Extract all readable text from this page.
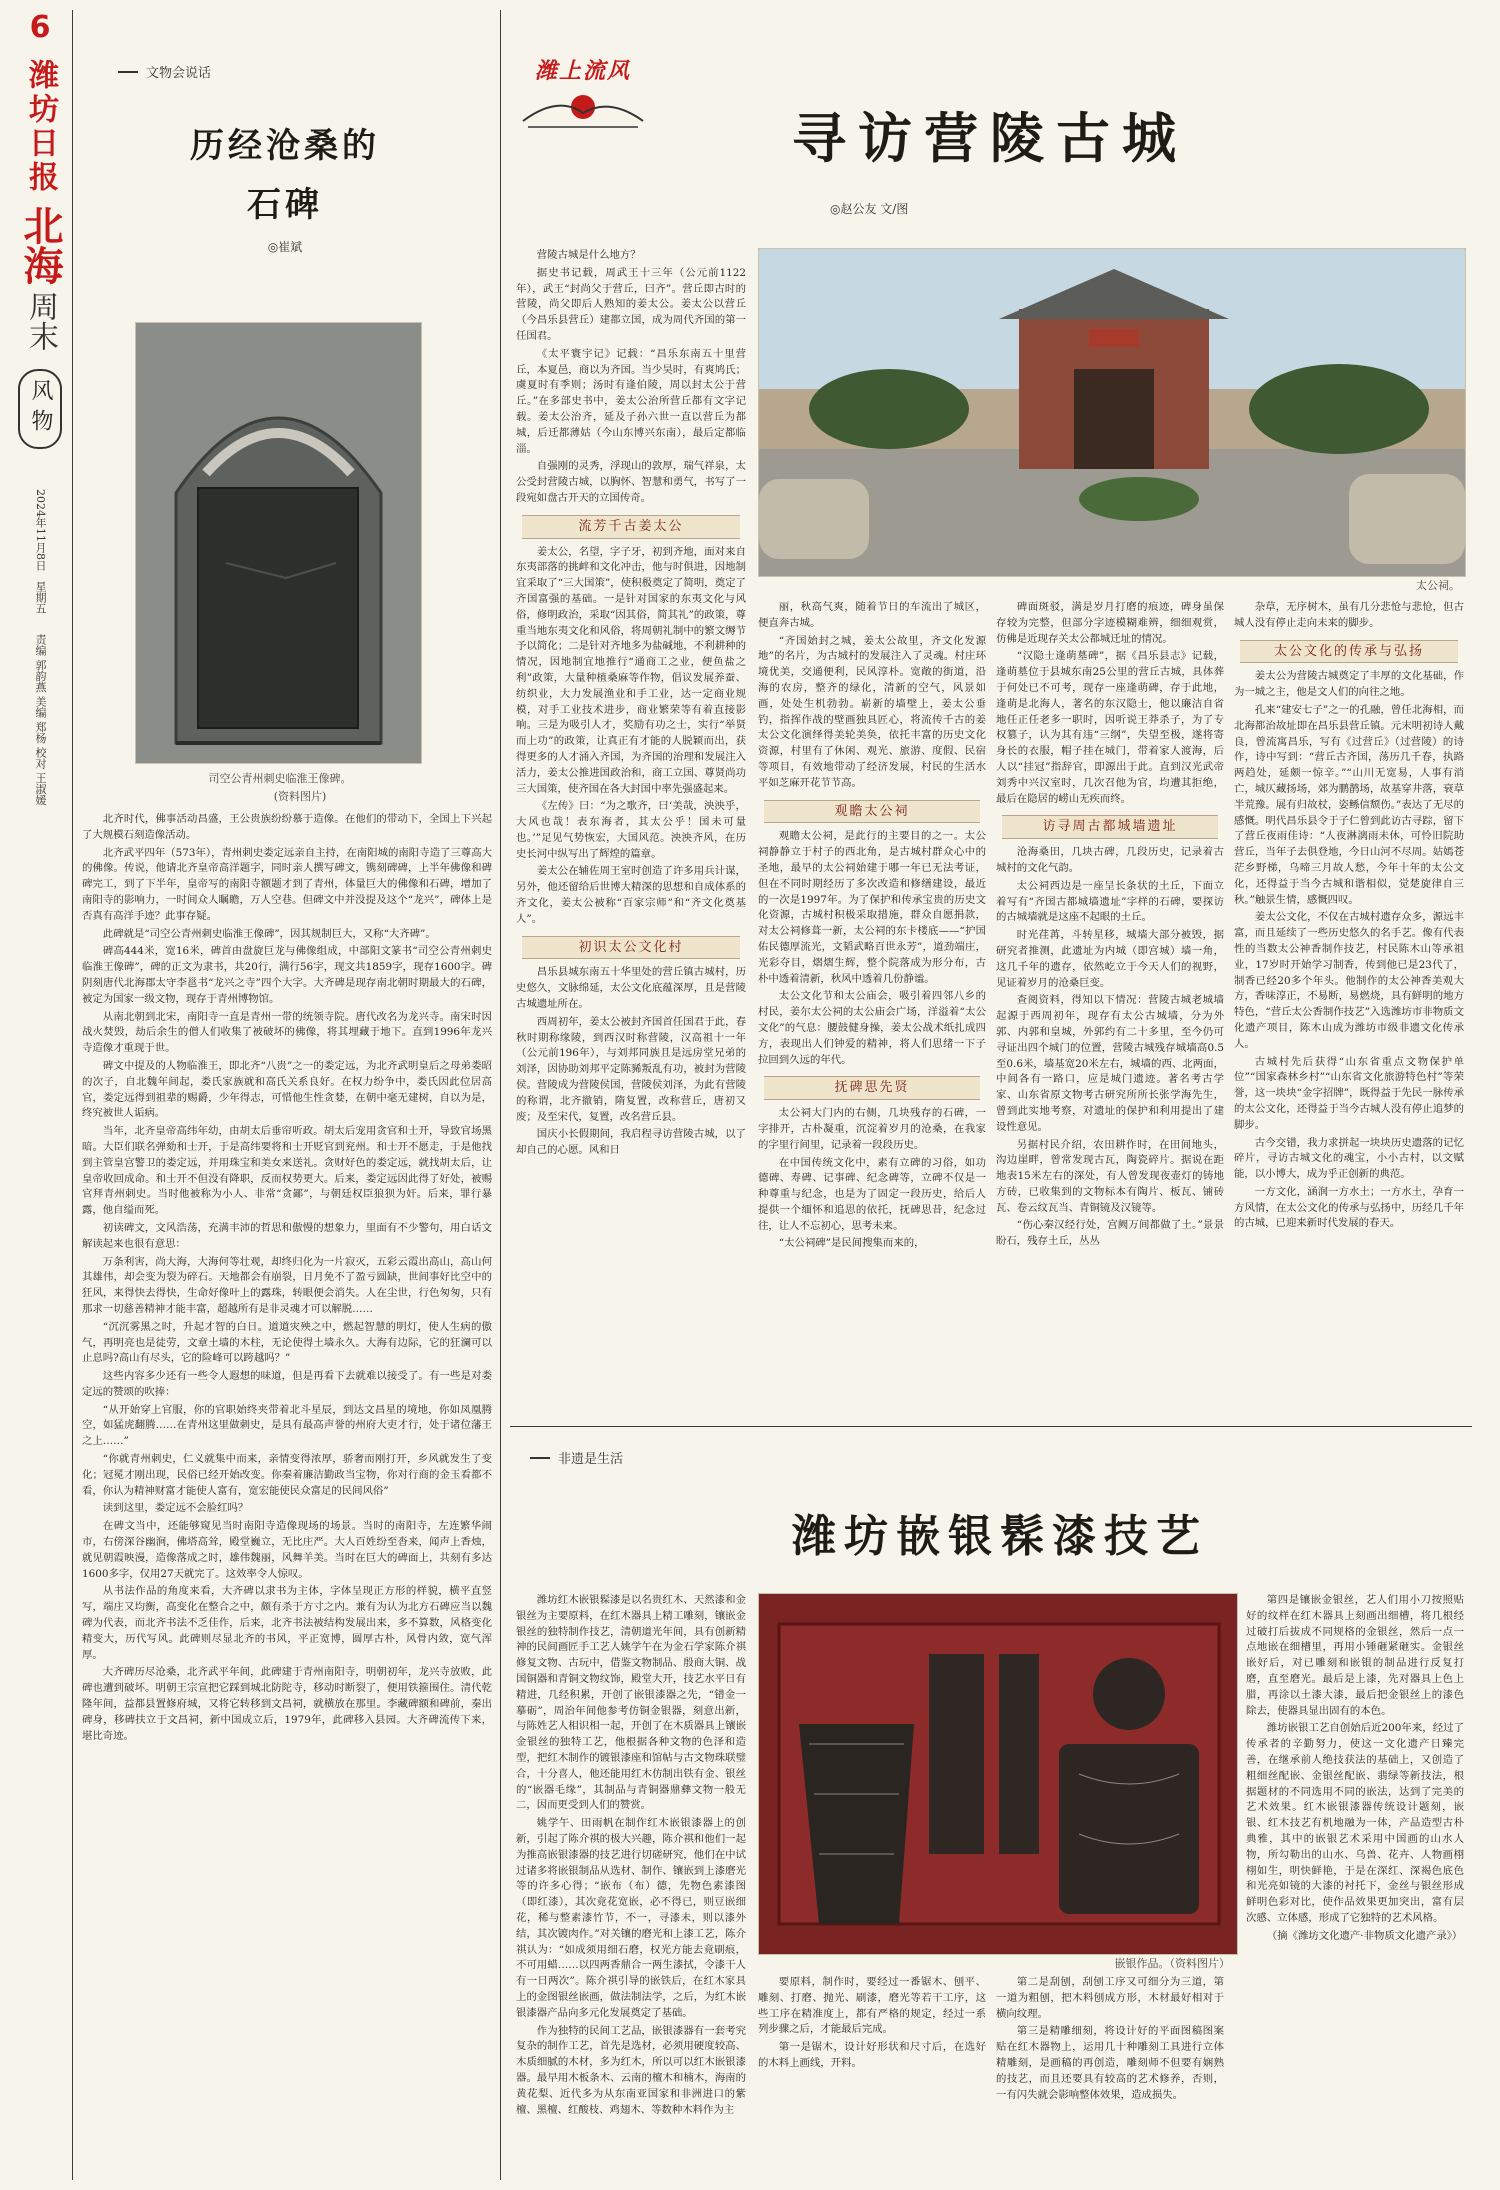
6
潍坊日报
北海
周末
风物
2024年11月8日
星期五
责编 郭韵燕 美编 郑杨 校对 王淑媛
文物会说话
历经沧桑的
石碑
◎崔斌
司空公青州刺史临淮王像碑。
(资料图片)

北齐时代，佛事活动昌盛，王公贵族纷纷慕于造像。在他们的带动下，全国上下兴起了大规模石刻造像活动。

北齐武平四年（573年），青州刺史娄定远亲自主持，在南阳城的南阳寺造了三尊高大的佛像。传说，他请北齐皇帝高洋题字，同时亲人撰写碑文，镌刻碑碑，上半年佛像和碑碑完工，到了下半年，皇帝写的南阳寺额题才到了青州，体量巨大的佛像和石碑，增加了南阳寺的影响力，一时间众人瞩瞻，万人空巷。但碑文中并没提及这个“龙兴”，碑体上是否真有高洋手迹？此事存疑。

此碑就是“司空公青州刺史临淮王像碑”，因其规制巨大，又称“大齐碑”。

碑高444米，宽16米，碑首由盘旋巨龙与佛像组成，中部阳文篆书“司空公青州刺史临淮王像碑”，碑的正文为隶书，共20行，满行56字，现文共1859字，现存1600字。碑阴刻唐代北海郡太守李邕书“龙兴之寺”四个大字。大齐碑是现存南北朝时期最大的石碑，被定为国家一级文物，现存于青州博物馆。

从南北朝到北宋，南阳寺一直是青州一带的统领寺院。唐代改名为龙兴寺。南宋时因战火焚毁，劫后余生的僧人们收集了被破坏的佛像，将其埋藏于地下。直到1996年龙兴寺造像才重现于世。

碑文中提及的人物临淮王，即北齐“八贵”之一的娄定远，为北齐武明皇后之母弟娄昭的次子，自北魏年间起，娄氏家族就和高氏关系良好。在权力纷争中，娄氏因此位居高官，娄定远得到祖辈的赐爵，少年得志，可惜他生性贪婪，在朝中毫无建树，自以为是，终究被世人诟病。

当年，北齐皇帝高纬年幼，由胡太后垂帘听政。胡太后宠用贪官和士开，导致官场黑暗。大臣们联名弹劾和士开，于是高纬要将和士开贬官到兖州。和士开不愿走，于是他找到主管皇宫警卫的娄定远，并用珠宝和美女来送礼。贪财好色的娄定远，就找胡太后，让皇帝收回成命。和士开不但没有降职，反而权势更大。后来，娄定远因此得了好处，被赐官拜青州刺史。当时他被称为小人、非常“贪鄙”，与朝廷权臣狼狈为奸。后来，罪行暴露，他自缢而死。

初读碑文，文风浩荡，充满丰沛的哲思和傲慢的想象力，里面有不少警句，用白话文解读起来也很有意思：

万条利害，尚大海，大海何等壮观，却终归化为一片寂灭，五彩云霞出高山，高山何其雄伟，却会变为裂为碎石。天地都会有崩裂，日月免不了盈亏圆缺，世间事好比空中的狂风，来得快去得快，生命好像叶上的露珠，转眼便会消失。人在尘世，行色匆匆，只有那求一切慈善精神才能丰富，超越所有是非灵魂才可以解脱……

“沉沉雾黑之时，升起才智的白日。道道灾殃之中，燃起智慧的明灯，使人生病的傲气，再明亮也是徒劳，文章土墙的木柱，无论使得土墙永久。大海有边际，它的狂澜可以止息吗?高山有尽头，它的险峰可以跨越吗？”

这些内容多少还有一些令人遐想的味道，但是再看下去就难以接受了。有一些是对娄定远的赞颂的吹捧：

“从开始穿上官服，你的官职始终夹带着北斗星辰，到达文昌星的境地，你如凤凰腾空，如猛虎翻腾……在青州这里做刺史，是具有最高声誉的州府大吏才行，处于诸位藩王之上……”

“你就青州刺史，仁义就集中而来，亲情变得浓厚，骄奢而刚打开，乡风就发生了变化；冠冕才刚出现，民俗已经开始改变。你秦着廉洁勤政当宝物，你对行商的金玉看都不看，你认为精神财富才能使人富有，宽宏能使民众富足的民间风俗”

读到这里，娄定远不会脸红吗？

在碑文当中，还能够窥见当时南阳寺造像现场的场景。当时的南阳寺，左连繁华闹市，右傍深谷幽涧，佛塔高耸，殿堂巍立，无比庄严。大人百姓纷至沓来，闻声上香烛，就见朝霞映漫，造像落成之时，雄伟魏丽，风舞羊美。当时在巨大的碑面上，共刻有多达1600多字，仅用27天就完了。这效率令人惊叹。

从书法作品的角度来看，大齐碑以隶书为主体，字体呈现正方形的样貌，横平直竖写，端庄又均衡，高变化在整合之中，颇有杀于方寸之内。兼有为认为北方石碑应当以魏碑为代表，而北齐书法不乏佳作，后来，北齐书法被结构发展出来，多不算数，风格变化精变大，历代写风。此碑则尽显北齐的书风，平正宽博，圆厚古朴，风骨内敛，宽气浑厚。

大齐碑历尽沧桑，北齐武平年间，此碑建于青州南阳寺，明朝初年，龙兴寺放败，此碑也遭到破坏。明朝王宗宣把它踩到城北防陀寺，移动时断裂了，便用铁箍围住。清代乾隆年间，益都县置修府城，又将它转移到文昌祠，就横放在那里。李藏碑额和碑前，秦出碑身，移碑扶立于文昌祠，新中国成立后，1979年，此碑移入县园。大齐碑流传下来，堪比奇迹。

潍上流风
寻访营陵古城
◎赵公友 文/图
太公祠。

营陵古城是什么地方？

据史书记载，周武王十三年（公元前1122年），武王“封尚父于营丘，曰齐”。营丘即古时的营陵，尚父即后人熟知的姜太公。姜太公以营丘（今昌乐县营丘）建都立国，成为周代齐国的第一任国君。

《太平寰宇记》记载：“昌乐东南五十里营丘，本夏邑，商以为齐国。当少昊时，有爽鸠氏；虞夏时有季则；汤时有逢伯陵，周以封太公于营丘。”在多部史书中，姜太公治所营丘都有文字记载。姜太公治齐，延及子孙六世一直以营丘为都城，后迁都薄姑（今山东博兴东南），最后定都临淄。

自强刚的灵秀，浮现山的敦厚，瑞气祥泉，太公受封营陵古城，以胸怀、智慧和勇气，书写了一段宛如盘古开天的立国传奇。

流芳千古姜太公

姜太公，名望，字子牙，初到齐地，面对来自东夷部落的挑衅和文化冲击，他与时俱进，因地制宜采取了“三大国策”，使积极奠定了简明，奠定了齐国富强的基础。一是针对国家的东夷文化与风俗，修明政治，采取“因其俗，简其礼”的政策，尊重当地东夷文化和风俗，将周朝礼制中的繁文缛节予以简化；二是针对齐地多为盐碱地，不利耕种的情况，因地制宜地推行“通商工之业，便鱼盐之利”政策，大量种植桑麻等作物，倡议发展养蚕、纺织业，大力发展渔业和手工业，达一定商业规模，对手工业技术进步，商业繁荣等有着直接影响。三是为吸引人才，奖励有功之士，实行“举贤而上功”的政策，让真正有才能的人脱颖而出，获得更多的人才涌入齐国，为齐国的治理和发展注入活力，姜太公推进国政治和，商工立国、尊贤尚功三大国策，使齐国在各大封国中率先强盛起来。

《左传》曰：“为之歌齐，曰‘美哉，泱泱乎，大风也哉！表东海者，其太公乎！国未可量也。’”足见气势恢宏，大国风范。泱泱齐风，在历史长河中纵写出了辉煌的篇章。

姜太公在辅佐周王室时创造了许多用兵计谋，另外，他还留给后世博大精深的思想和自成体系的齐文化，姜太公被称“百家宗师”和“齐文化奠基人”。

初识太公文化村

昌乐县城东南五十华里处的营丘镇古城村，历史悠久，文脉绵延，太公文化底蕴深厚，且是营陵古城遗址所在。

西周初年，姜太公被封齐国首任国君于此，春秋时期称缘陵，到西汉时称营陵，汉高祖十一年（公元前196年），与刘邦同族且是远房堂兄弟的刘泽，因协助刘邦平定陈豨叛乱有功，被封为营陵侯。营陵成为营陵侯国，营陵侯刘泽，为此有营陵的称谓，北齐撤销，隋复置，改称营丘，唐初又废；及至宋代，复置，改名营丘县。

国庆小长假期间，我启程寻访营陵古城，以了却自己的心愿。风和日

丽，秋高气爽，随着节日的车流出了城区，便直奔古城。

“齐国始封之城，姜太公故里，齐文化发源地”的名片，为古城村的发展注入了灵魂。村庄环境优美，交通便利，民风淳朴。宽敞的街道，沿海的农房，整齐的绿化，清新的空气，风景如画，处处生机勃勃。崭新的墙壁上，姜太公垂钓，指挥作战的壁画独具匠心，将流传千古的姜太公文化演绎得美轮美奂，依托丰富的历史文化资源，村里有了休闲、观光、旅游、度假、民宿等项目，有效地带动了经济发展，村民的生活水平如芝麻开花节节高。

观瞻太公祠

观瞻太公祠，是此行的主要目的之一。太公祠静静立于村子的西北角，是古城村群众心中的圣地，最早的太公祠始建于哪一年已无法考证，但在不同时期经历了多次改造和修缮建设，最近的一次是1997年。为了保护和传承宝贵的历史文化资源，古城村积极采取措施，群众自愿捐款，对太公祠修葺一新，太公祠的东卡楼底——“护国佑民德厚流光，文韬武略百世永芳”，道劲端庄，光彩夺目，熠熠生辉，整个院落成为形分布，古朴中透着清新，秋风中透着几份静谧。

太公文化节和太公庙会，吸引着四邻八乡的村民，姜尔太公祠的太公庙会广场，洋溢着“太公文化”的气息：腰鼓健身操，姜太公战术纸扎成四方，表现出人们钟爱的精神，将人们思绪一下子拉回到久远的年代。

抚碑思先贤

太公祠大门内的右侧，几块残存的石碑，一字排开，古朴凝重，沉淀着岁月的沧桑，在我家的字里行间里，记录着一段段历史。

在中国传统文化中，素有立碑的习俗，如功德碑、寿碑、记事碑、纪念碑等，立碑不仅是一种尊重与纪念，也是为了固定一段历史，给后人提供一个缅怀和追思的依托，抚碑思昔，纪念过往，让人不忘初心，思考未来。

“太公祠碑”是民间搜集而来的，

碑面斑驳，满是岁月打磨的痕迹，碑身虽保存较为完整，但部分字迹模糊难辨，细细观赏，仿佛是近现存关太公都城迁址的情况。

“汉隐士逢萌墓碑”，据《昌乐县志》记载，逢萌墓位于县城东南25公里的营丘古城，具体葬于何处已不可考，现存一座逢萌碑，存于此地，逢萌是北海人，著名的东汉隐士，他以廉洁自省地任正任老多一职时，因听说王莽杀子，为了专权篡子，认为其有违“三纲”，失望至极，遂将寄身长的衣服，帽子挂在城门，带着家人渡海，后人以“挂冠”指辞官，即源出于此。直到汉光武帝刘秀中兴汉室时，几次召他为官，均遭其拒绝，最后在隐居的崂山无疾而终。

访寻周古都城墙遗址

沧海桑田，几块古碑，几段历史，记录着古城村的文化气韵。

太公祠西边是一座呈长条状的土丘，下面立着写有“齐国古都城墙遗址”字样的石碑，要探访的古城墙就是这座不起眼的土丘。

时光荏苒，斗转星移，城墙大部分被毁，据研究者推测，此遗址为内城（即宫城）墙一角，这几千年的遗存，依然屹立于今天人们的视野，见证着岁月的沧桑巨变。

查阅资料，得知以下情况：营陵古城老城墙起源于西周初年，现存有太公古城墙，分为外郭、内郭和皇城，外郭约有二十多里，至今仍可寻证出四个城门的位置，营陵古城残存城墙高0.5至0.6米，墙基宽20米左右，城墙的西、北两面，中间各有一路口，应是城门遗迹。著名考古学家、山东省原文物考古研究所所长张学海先生，曾到此实地考察，对遗址的保护和利用提出了建设性意见。

另据村民介绍，农田耕作时，在田间地头，沟边崖畔，曾常发现古瓦，陶瓷碎片。据说在距地表15米左右的深处，有人曾发现夜壶灯的铸地方砖，已收集到的文物标本有陶片、板瓦、铺砖瓦、卷云纹瓦当、青铜镜及汉镜等。

“伤心秦汉经行处，宫阙万间都做了土。”景景盼石，残存土丘，丛丛

杂草，无序树木，虽有几分悲怆与悲怆，但古城人没有停止走向未来的脚步。

太公文化的传承与弘扬

姜太公为营陵古城奠定了丰厚的文化基础，作为一城之主，他是文人们的向往之地。

孔来“建安七子”之一的孔融，曾任北海相，而北海都治故址即在昌乐县营丘镇。元末明初诗人戴良，曾流寓昌乐，写有《过营丘》（过营陵）的诗作，诗中写到：“营丘古齐国，荡历几千春，执路两趋处，延颇一惊辛。”“山川无宽易，人事有消亡，城仄藏扬场，郊为鹏鹊场，故基穿井落，衰草半荒豫。展有归故杖，姿鲧信颓伤。”表达了无尽的感慨。明代昌乐县令于子仁曾到此访古寻踪，留下了营丘夜雨佳诗：“人夜淋漓雨未休，可怜旧院助营丘，当年子去俱登地，今日山河不尽周。姑嫣苍茫乡野梯，乌啼三月故人愁，今年十年的太公文化，还得益于当今古城和谐相似，觉楚旋律自三秋。”触景生情，感慨四叹。

姜太公文化，不仅在古城村遗存众多，源远丰富，而且延续了一些历史悠久的名手艺。像有代表性的当数太公神香制作技艺，村民陈木山等承祖业，17岁时开始学习制香，传到他已是23代了，制香已经20多个年头。他制作的太公神香美观大方，香味淳正，不易断，易燃烧，具有鲜明的地方特色，“营丘太公香制作技艺”入选潍坊市非物质文化遗产项目，陈木山成为潍坊市级非遗文化传承人。

古城村先后获得“山东省重点文物保护单位”“国家森林乡村”“山东省文化旅游特色村”等荣誉，这一块块“金字招牌”，既得益于先民一脉传承的太公文化，还得益于当今古城人没有停止追梦的脚步。

古今交错，我力求拼起一块块历史遗落的记忆碎片，寻访古城文化的魂宝，小小古村，以文赋能，以小博大，成为乎正创新的典范。

一方文化，涵润一方水土；一方水土，孕育一方风情，在太公文化的传承与弘扬中，历经几千年的古城，已迎来新时代发展的春天。

非遗是生活
潍坊嵌银髹漆技艺
嵌银作品。（资料图片）

潍坊红木嵌银髹漆是以名贵红木、天然漆和金银丝为主要原料，在红木器具上精工雕刻，镶嵌金银丝的独特制作技艺，清朝道光年间，具有创新精神的民间画匠手工艺人姚学午在为金石学家陈介祺修复文物、古玩中，借鉴文物制品、殷商大铜、战国铜器和青铜文物纹饰，殿堂大开，技艺水平日有精进，几经积累，开创了嵌银漆器之先，“错金一摹砺”，周治年间他参考仿铜金银器，刻意出新，与陈姓艺人相识相一起，开创了在木质器具上镶嵌金银丝的独特工艺，他根据各种文物的色泽和造型，把红木制作的镀银漆座和馆帖与古文物珠联璧合，十分喜人，他还能用红木仿制出铁有金、银丝的“嵌器毛缘”，其制品与青铜器鼎彝文物一般无二，因而更受到人们的赞赏。

姚学午、田雨帆在制作红木嵌银漆器上的创新，引起了陈介祺的极大兴趣，陈介祺和他们一起为推高嵌银漆器的技艺进行切磋研究，他们在中试过诸多将嵌银制品从选材、制作、镶嵌到上漆磨光等的许多心得；“嵌布（布）德，先物色素漆图（即红漆），其次竟花宽嵌，必不得已，则豆嵌细花，稀与整素漆竹节，不一，寻漆未，则以漆外结，其次镀肉作。”对关镶的磨光和上漆工艺，陈介祺认为：“如成须用细石磨，权光方能去竟刷痕，不可用蜡……以四两香鼎合一两生漆拭，令漆干人有一日两次”。陈介祺引导的嵌铁后，在红木家具上的金图银丝嵌画，做法制法学，之后，为红木嵌银漆器产品向多元化发展奠定了基础。

作为独特的民间工艺品，嵌银漆器有一套考究复杂的制作工艺，首先是选材，必须用硬度较高、木质细腻的木材，多为红木，所以可以红木嵌银漆器。最早用木板条木、云南的檀木和楠木，海南的黄花梨、近代多为从东南亚国家和非洲进口的紫檀、黑檀、红酸枝、鸡翅木、等数种木料作为主

要原料，制作时，要经过一番锯木、刨平、雕刻、打磨、抛光、刷漆，磨光等若干工序，这些工序在精准度上，都有严格的规定，经过一系列步骤之后，才能最后完成。

第一是锯木，设计好形状和尺寸后，在选好的木料上画线，开料。

第二是刮刨，刮刨工序又可细分为三道，第一道为粗刨，把木料刨成方形，木材最好相对于横向纹理。

第三是精雕细刻，将设计好的平面图稿图案贴在红木器物上，运用几十种雕刻工具进行立体精雕刻，是画稿的再创造，雕刻师不但要有娴熟的技艺，而且还要具有较高的艺术修养，否则，一有闪失就会影响整体效果，造成损失。

第四是镶嵌金银丝，艺人们用小刀按照贴好的纹样在红木器具上刻画出细槽，将几根经过破打后拔成不同规格的金银丝，然后一点一点地嵌在细槽里，再用小锤砸紧砸实。金银丝嵌好后，对已雕刻和嵌银的制品进行反复打磨，直至磨光。最后是上漆，先对器具上色上腊，再涂以土漆大漆，最后把金银丝上的漆色除去，使器具显出固有的本色。

潍坊嵌银工艺自创始后近200年来，经过了传承者的辛勤努力，使这一文化遗产日臻完善，在继承前人绝技获法的基础上，又创造了粗细丝配嵌、金银丝配嵌、翡绿等新技法，根据题材的不同选用不同的嵌法，达到了完美的艺术效果。红木嵌银漆器传统设计题刻，嵌银、红木技艺有机地融为一体，产品造型古朴典雅，其中的嵌银艺术采用中国画的山水人物，所勾勒出的山水、乌兽、花卉、人物画栩栩如生，明快鲜艳，于是在深红、深褐色底色和光亮如镜的大漆的衬托下，金丝与银丝形成鲜明色彩对比，使作品效果更加突出，富有层次感、立体感，形成了它独特的艺术风格。

（摘《潍坊文化遗产·非物质文化遗产录》）
